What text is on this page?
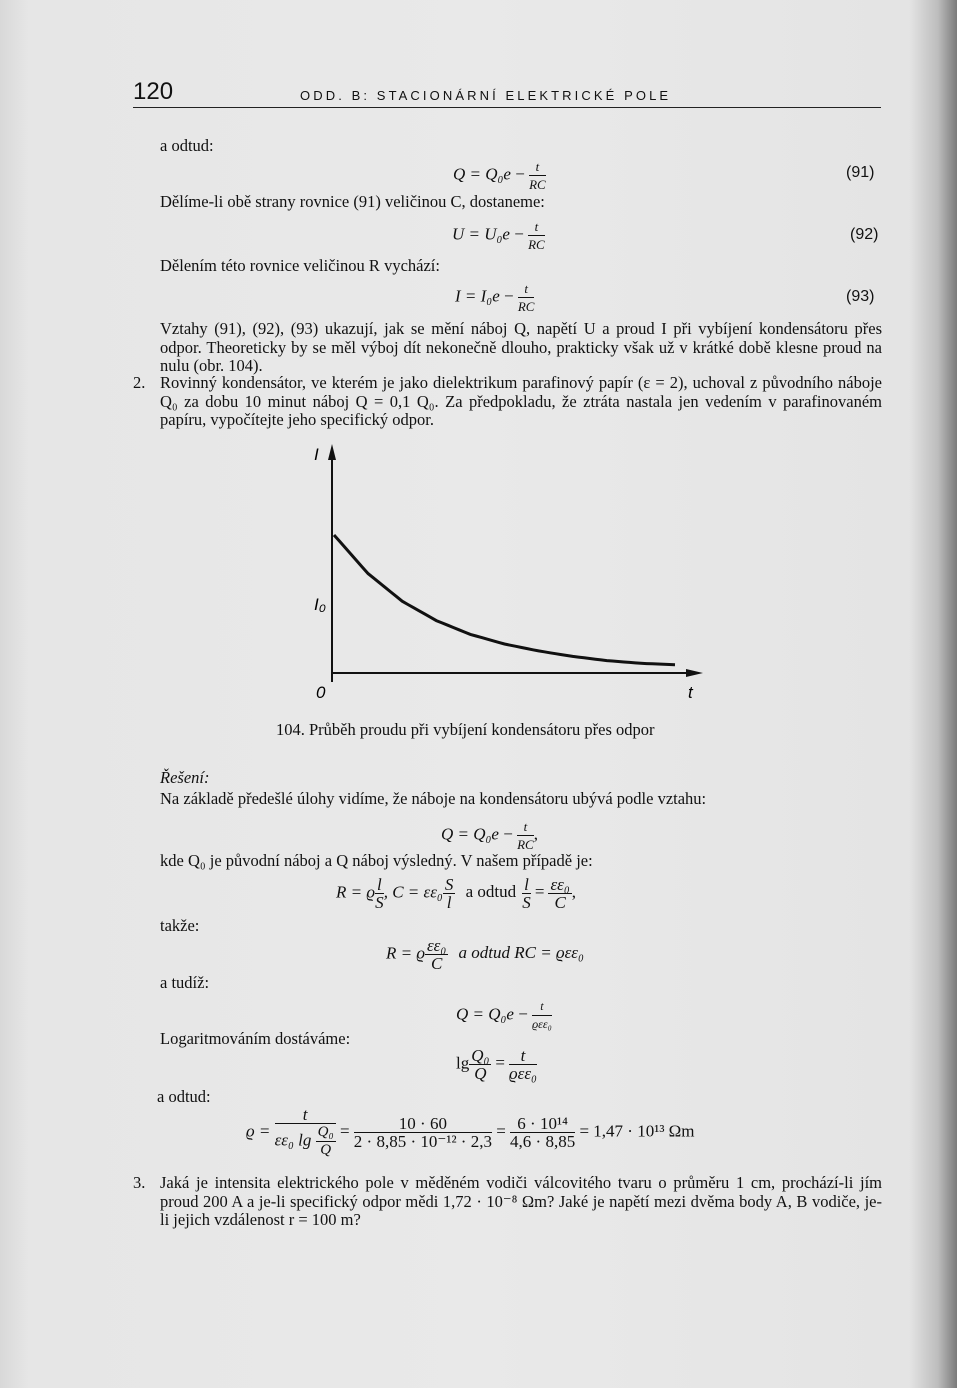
120	ODD. B: STACIONÁRNÍ ELEKTRICKÉ POLE
a odtud:
$Q = Q_0e - \frac{t}{RC}$	(91)
Dělíme-li obě strany rovnice (91) veličinou C, dostaneme:
$U = U_0e - \frac{t}{RC}$	(92)
Dělením této rovnice veličinou R vychází:
$I = I_0e - \frac{t}{RC}$	(93)
Vztahy (91), (92), (93) ukazují, jak se mění náboj Q, napětí U a proud I při vybíjení kondensátoru přes odpor. Theoreticky by se měl výboj dít nekonečně dlouho, prakticky však už v krátké době klesne proud na nulu (obr. 104).
2. Rovinný kondensátor, ve kterém je jako dielektrikum parafinový papír (ε = 2), uchoval z původního náboje Q₀ za dobu 10 minut náboj Q = 0,1 Q₀. Za předpokladu, že ztráta nastala jen vedením v parafinovaném papíru, vypočítejte jeho specifický odpor.
I
I₀
0	t
104. Průběh proudu při vybíjení kondensátoru přes odpor
Řešení:
Na základě předešlé úlohy vidíme, že náboje na kondensátoru ubývá podle vztahu:
$Q = Q_0e - \frac{t}{RC}$ ,
kde Q₀ je původní náboj a Q náboj výsledný. V našem případě je:
R = ϱ $\frac{l}{S}$ , $C = \varepsilon\varepsilon_0 \frac{S}{l}$ a odtud $\frac{l}{S} = \frac{\text{εε₀}}{C}$ ,
takže:
R = ϱ $\frac{\text{εε₀}}{C}$ a odtud RC = ϱεε₀
a tudíž:
$Q = Q_0e - \frac{t}{\text{ϱεε₀}}$
Logaritmováním dostáváme:
$\lg \frac{\text{Q₀}}{Q} = \frac{t}{\text{ϱεε₀}}$
a odtud:
$ϱ = \frac{t}{\varepsilon\varepsilon_0 \lg \frac{\text{Q₀}}{Q}} = \frac{10 \cdot 60}{\text{2 · 8,85 · 10⁻¹² · 2,3}} = \frac{\text{6 · 10¹⁴}}{4,6 \cdot 8,85} = 1,47 \cdot 10^{13}$ Ωm
3. Jaká je intensita elektrického pole v měděném vodiči válcovitého tvaru o průměru 1 cm, prochází-li jím proud 200 A a je-li specifický odpor mědi 1,72 · 10⁻⁸ Ωm? Jaké je napětí mezi dvěma body A, B vodiče, je-li jejich vzdálenost r = 100 m?
